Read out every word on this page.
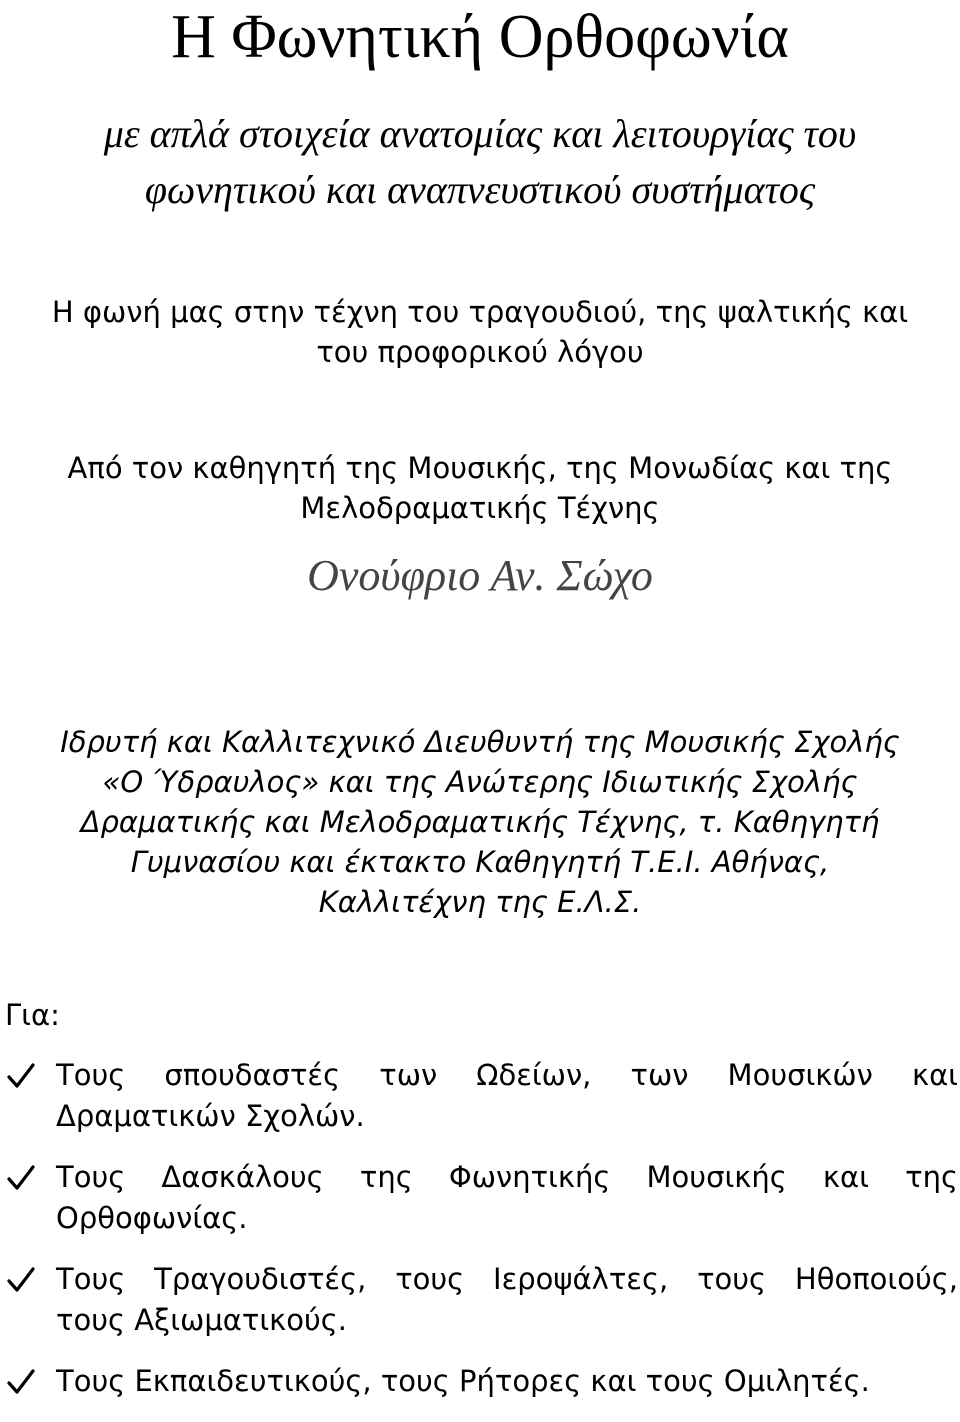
Η Φωνητική Ορθοφωνία
με απλά στοιχεία ανατομίας και λειτουργίας του
φωνητικού και αναπνευστικού συστήματος
Η φωνή μας στην τέχνη του τραγουδιού, της ψαλτικής και
του προφορικού λόγου
Από τον καθηγητή της Μουσικής, της Μονωδίας και της
Μελοδραματικής Τέχνης
Ονούφριο Αν. Σώχο
Ιδρυτή και Καλλιτεχνικό Διευθυντή της Μουσικής Σχολής
«Ο Ύδραυλος» και της Ανώτερης Ιδιωτικής Σχολής
Δραματικής και Μελοδραματικής Τέχνης, τ. Καθηγητή
Γυμνασίου και έκτακτο Καθηγητή Τ.Ε.Ι. Αθήνας,
Καλλιτέχνη της Ε.Λ.Σ.
Για:
Τους σπουδαστές των Ωδείων, των Μουσικών και
Δραματικών Σχολών.
Τους Δασκάλους της Φωνητικής Μουσικής και της
Ορθοφωνίας.
Τους Τραγουδιστές, τους Ιεροψάλτες, τους Ηθοποιούς,
τους Αξιωματικούς.
Τους Εκπαιδευτικούς, τους Ρήτορες και τους Ομιλητές.
